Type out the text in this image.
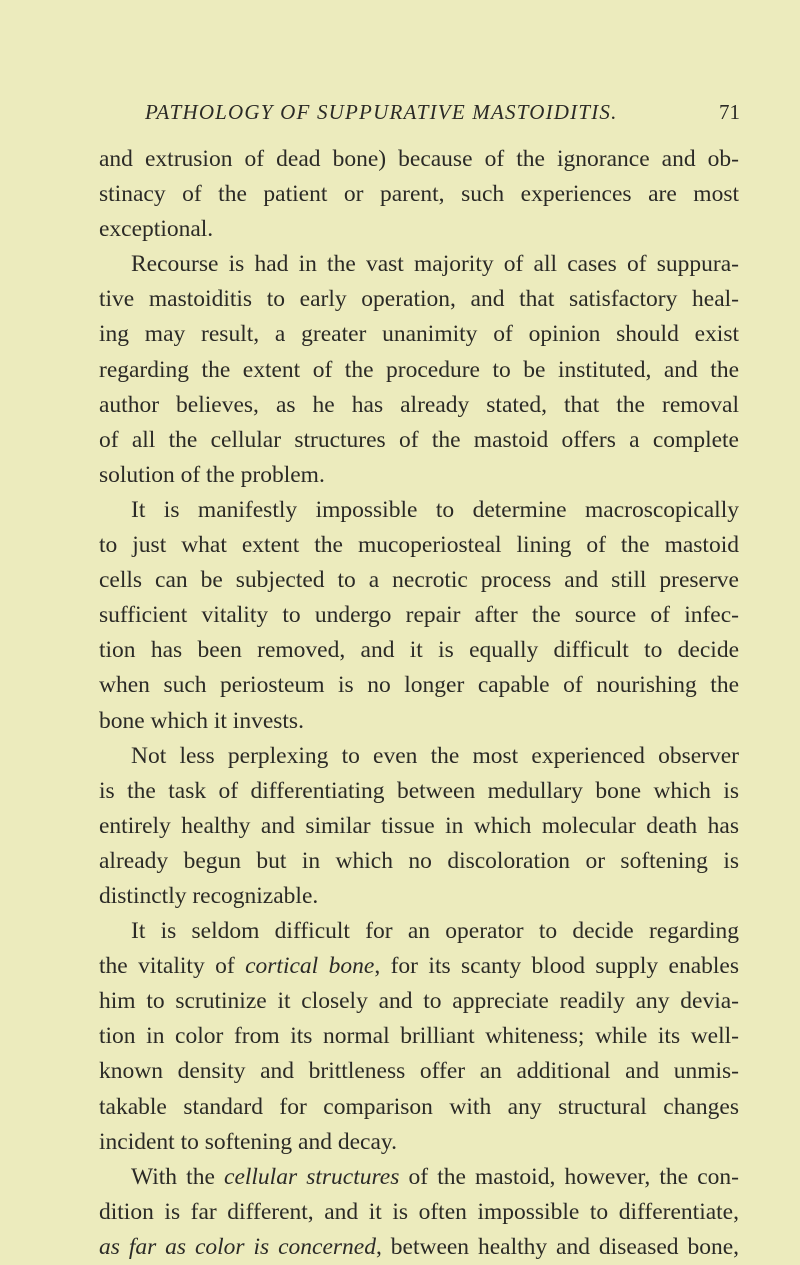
PATHOLOGY OF SUPPURATIVE MASTOIDITIS.	71
and extrusion of dead bone) because of the ignorance and ob-
stinacy of the patient or parent, such experiences are most
exceptional.
Recourse is had in the vast majority of all cases of suppura-
tive mastoiditis to early operation, and that satisfactory heal-
ing may result, a greater unanimity of opinion should exist
regarding the extent of the procedure to be instituted, and the
author believes, as he has already stated, that the removal
of all the cellular structures of the mastoid offers a complete
solution of the problem.
It is manifestly impossible to determine macroscopically
to just what extent the mucoperiosteal lining of the mastoid
cells can be subjected to a necrotic process and still preserve
sufficient vitality to undergo repair after the source of infec-
tion has been removed, and it is equally difficult to decide
when such periosteum is no longer capable of nourishing the
bone which it invests.
Not less perplexing to even the most experienced observer
is the task of differentiating between medullary bone which is
entirely healthy and similar tissue in which molecular death has
already begun but in which no discoloration or softening is
distinctly recognizable.
It is seldom difficult for an operator to decide regarding
the vitality of cortical bone, for its scanty blood supply enables
him to scrutinize it closely and to appreciate readily any devia-
tion in color from its normal brilliant whiteness; while its well-
known density and brittleness offer an additional and unmis-
takable standard for comparison with any structural changes
incident to softening and decay.
With the cellular structures of the mastoid, however, the con-
dition is far different, and it is often impossible to differentiate,
as far as color is concerned, between healthy and diseased bone,
